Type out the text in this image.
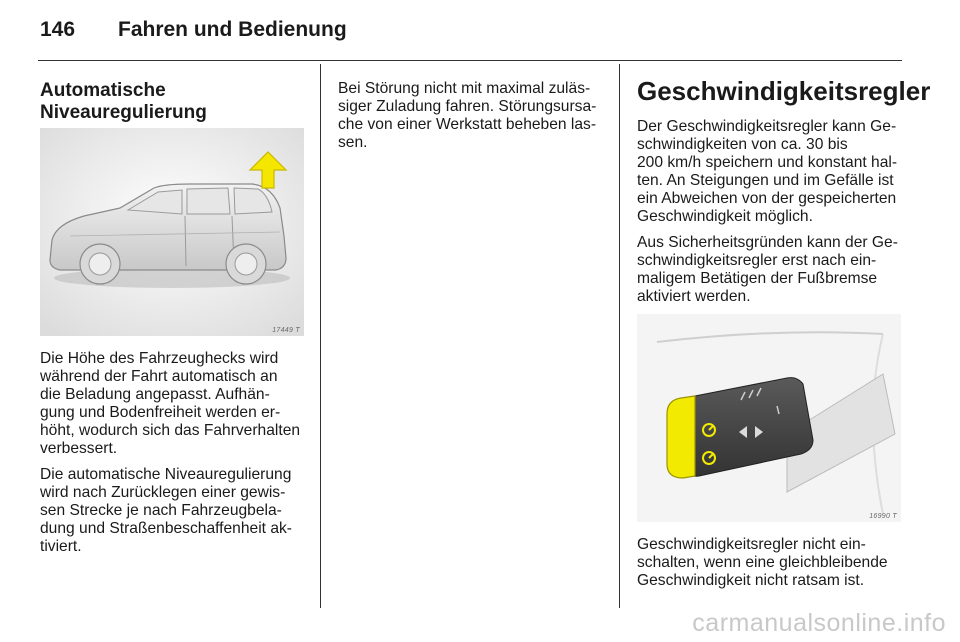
146 Fahren und Bedienung
Automatische
Niveauregulierung
17449 T

Die Höhe des Fahrzeughecks wird
während der Fahrt automatisch an
die Beladung angepasst. Aufhän-
gung und Bodenfreiheit werden er-
höht, wodurch sich das Fahrverhalten
verbessert.

Die automatische Niveauregulierung
wird nach Zurücklegen einer gewis-
sen Strecke je nach Fahrzeugbela-
dung und Straßenbeschaffenheit ak-
tiviert.

Bei Störung nicht mit maximal zuläs-
siger Zuladung fahren. Störungsursa-
che von einer Werkstatt beheben las-
sen.

Geschwindigkeitsregler

Der Geschwindigkeitsregler kann Ge-
schwindigkeiten von ca. 30 bis
200 km/h speichern und konstant hal-
ten. An Steigungen und im Gefälle ist
ein Abweichen von der gespeicherten
Geschwindigkeit möglich.

Aus Sicherheitsgründen kann der Ge-
schwindigkeitsregler erst nach ein-
maligem Betätigen der Fußbremse
aktiviert werden.

16990 T

Geschwindigkeitsregler nicht ein-
schalten, wenn eine gleichbleibende
Geschwindigkeit nicht ratsam ist.

carmanualsonline.info
